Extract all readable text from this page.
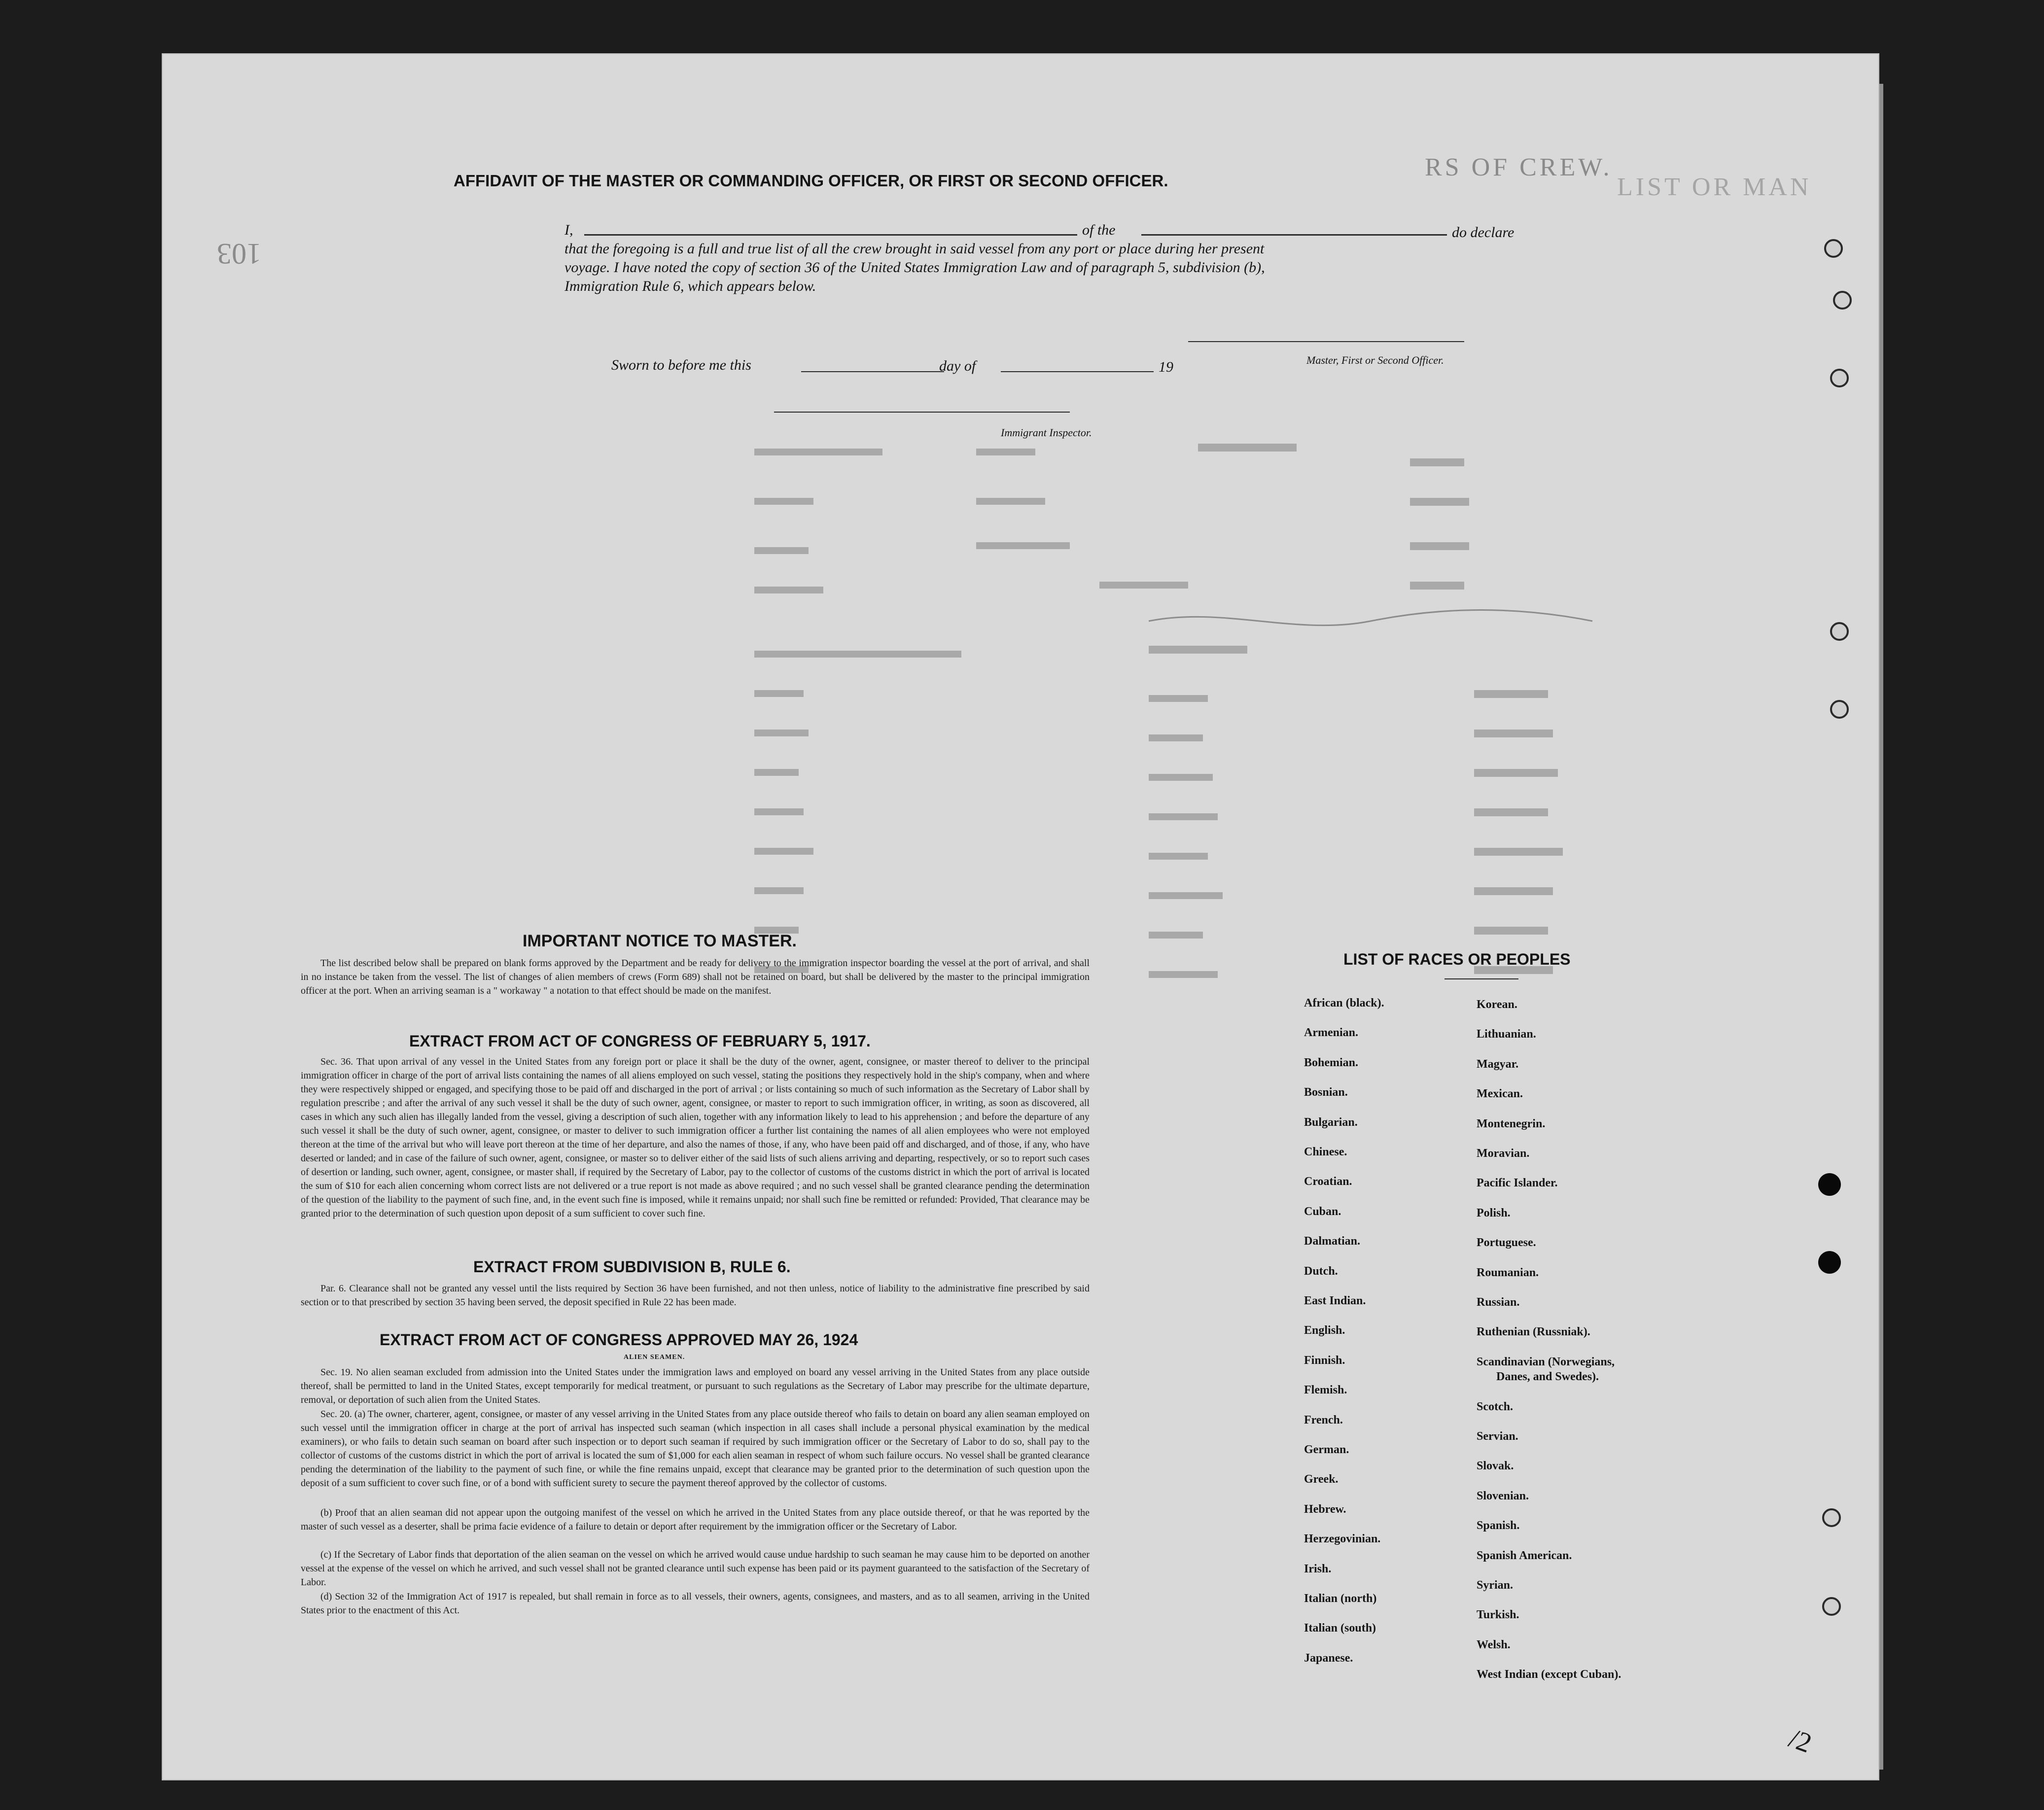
LIST OR MAN
RS OF CREW.
103
AFFIDAVIT OF THE MASTER OR COMMANDING OFFICER, OR FIRST OR SECOND OFFICER.
I,	of the	do declare
that the foregoing is a full and true list of all the crew brought in said vessel from any port or place during her present
voyage. I have noted the copy of section 36 of the United States Immigration Law and of paragraph 5, subdivision (b),
Immigration Rule 6, which appears below.
Master, First or Second Officer.
Sworn to before me this	day of	19
Immigrant Inspector.
IMPORTANT NOTICE TO MASTER.

The list described below shall be prepared on blank forms approved by the Department and be ready for delivery to the immigration inspector boarding the vessel at the port of arrival, and shall in no instance be taken from the vessel. The list of changes of alien members of crews (Form 689) shall not be retained on board, but shall be delivered by the master to the principal immigration officer at the port. When an arriving seaman is a " workaway " a notation to that effect should be made on the manifest.

EXTRACT FROM ACT OF CONGRESS OF FEBRUARY 5, 1917.

Sec. 36. That upon arrival of any vessel in the United States from any foreign port or place it shall be the duty of the owner, agent, consignee, or master thereof to deliver to the principal immigration officer in charge of the port of arrival lists containing the names of all aliens employed on such vessel, stating the positions they respectively hold in the ship's company, when and where they were respectively shipped or engaged, and specifying those to be paid off and discharged in the port of arrival ; or lists containing so much of such information as the Secretary of Labor shall by regulation prescribe ; and after the arrival of any such vessel it shall be the duty of such owner, agent, consignee, or master to report to such immigration officer, in writing, as soon as discovered, all cases in which any such alien has illegally landed from the vessel, giving a description of such alien, together with any information likely to lead to his apprehension ; and before the departure of any such vessel it shall be the duty of such owner, agent, consignee, or master to deliver to such immigration officer a further list containing the names of all alien employees who were not employed thereon at the time of the arrival but who will leave port thereon at the time of her departure, and also the names of those, if any, who have been paid off and discharged, and of those, if any, who have deserted or landed; and in case of the failure of such owner, agent, consignee, or master so to deliver either of the said lists of such aliens arriving and departing, respectively, or so to report such cases of desertion or landing, such owner, agent, consignee, or master shall, if required by the Secretary of Labor, pay to the collector of customs of the customs district in which the port of arrival is located the sum of $10 for each alien concerning whom correct lists are not delivered or a true report is not made as above required ; and no such vessel shall be granted clearance pending the determination of the question of the liability to the payment of such fine, and, in the event such fine is imposed, while it remains unpaid; nor shall such fine be remitted or refunded: Provided, That clearance may be granted prior to the determination of such question upon deposit of a sum sufficient to cover such fine.

EXTRACT FROM SUBDIVISION B, RULE 6.

Par. 6. Clearance shall not be granted any vessel until the lists required by Section 36 have been furnished, and not then unless, notice of liability to the administrative fine prescribed by said section or to that prescribed by section 35 having been served, the deposit specified in Rule 22 has been made.

EXTRACT FROM ACT OF CONGRESS APPROVED MAY 26, 1924
ALIEN SEAMEN.

Sec. 19. No alien seaman excluded from admission into the United States under the immigration laws and employed on board any vessel arriving in the United States from any place outside thereof, shall be permitted to land in the United States, except temporarily for medical treatment, or pursuant to such regulations as the Secretary of Labor may prescribe for the ultimate departure, removal, or deportation of such alien from the United States.

Sec. 20. (a) The owner, charterer, agent, consignee, or master of any vessel arriving in the United States from any place outside thereof who fails to detain on board any alien seaman employed on such vessel until the immigration officer in charge at the port of arrival has inspected such seaman (which inspection in all cases shall include a personal physical examination by the medical examiners), or who fails to detain such seaman on board after such inspection or to deport such seaman if required by such immigration officer or the Secretary of Labor to do so, shall pay to the collector of customs of the customs district in which the port of arrival is located the sum of $1,000 for each alien seaman in respect of whom such failure occurs. No vessel shall be granted clearance pending the determination of the liability to the payment of such fine, or while the fine remains unpaid, except that clearance may be granted prior to the determination of such question upon the deposit of a sum sufficient to cover such fine, or of a bond with sufficient surety to secure the payment thereof approved by the collector of customs.

(b) Proof that an alien seaman did not appear upon the outgoing manifest of the vessel on which he arrived in the United States from any place outside thereof, or that he was reported by the master of such vessel as a deserter, shall be prima facie evidence of a failure to detain or deport after requirement by the immigration officer or the Secretary of Labor.

(c) If the Secretary of Labor finds that deportation of the alien seaman on the vessel on which he arrived would cause undue hardship to such seaman he may cause him to be deported on another vessel at the expense of the vessel on which he arrived, and such vessel shall not be granted clearance until such expense has been paid or its payment guaranteed to the satisfaction of the Secretary of Labor.

(d) Section 32 of the Immigration Act of 1917 is repealed, but shall remain in force as to all vessels, their owners, agents, consignees, and masters, and as to all seamen, arriving in the United States prior to the enactment of this Act.

LIST OF RACES OR PEOPLES
African (black).
Armenian.
Bohemian.
Bosnian.
Bulgarian.
Chinese.
Croatian.
Cuban.
Dalmatian.
Dutch.
East Indian.
English.
Finnish.
Flemish.
French.
German.
Greek.
Hebrew.
Herzegovinian.
Irish.
Italian (north)
Italian (south)
Japanese.
Korean.
Lithuanian.
Magyar.
Mexican.
Montenegrin.
Moravian.
Pacific Islander.
Polish.
Portuguese.
Roumanian.
Russian.
Ruthenian (Russniak).
Scandinavian (Norwegians,
Danes, and Swedes).
Scotch.
Servian.
Slovak.
Slovenian.
Spanish.
Spanish American.
Syrian.
Turkish.
Welsh.
West Indian (except Cuban).
/2
